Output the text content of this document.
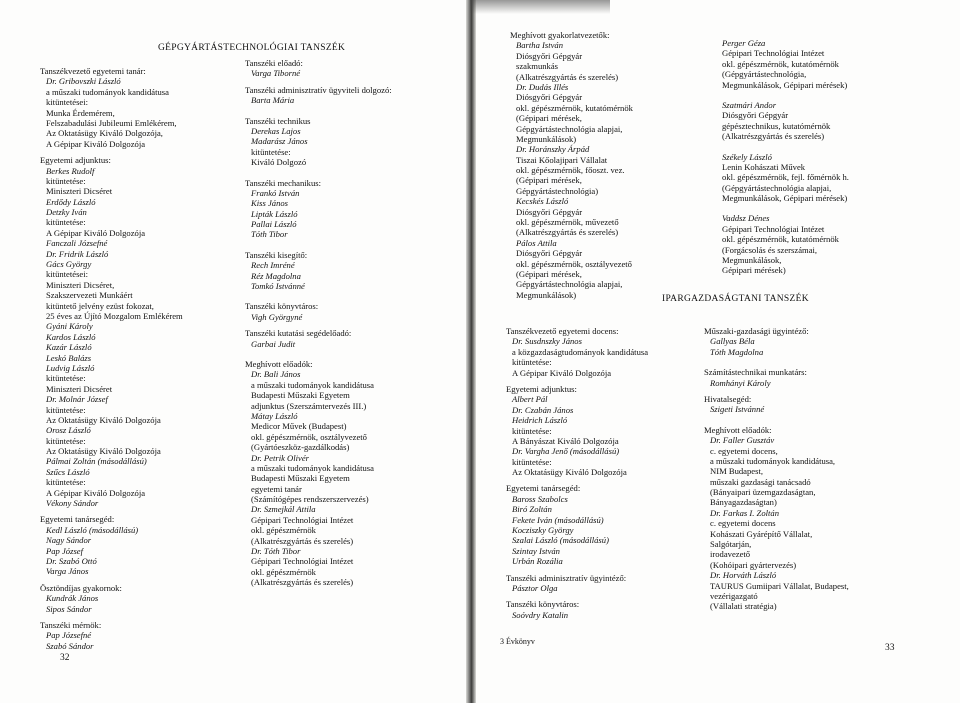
GÉPGYÁRTÁSTECHNOLÓGIAI TANSZÉK
Tanszékvezető egyetemi tanár:
Dr. Gribovszki László
a műszaki tudományok kandidátusa
kitüntetései:
Munka Érdemérem,
Felszabadulási Jubileumi Emlékérem,
Az Oktatásügy Kiváló Dolgozója,
A Gépipar Kiváló Dolgozója
Egyetemi adjunktus:
Berkes Rudolf
kitüntetése:
Miniszteri Dicséret
Erdődy László
Detzky Iván
kitüntetése:
A Gépipar Kiváló Dolgozója
Fanczali Józsefné
Dr. Fridrik László
Gács György
kitüntetései:
Miniszteri Dicséret,
Szakszervezeti Munkáért
kitüntető jelvény ezüst fokozat,
25 éves az Újító Mozgalom Emlékérem
Gyáni Károly
Kardos László
Kazár László
Leskó Balázs
Ludvig László
kitüntetése:
Miniszteri Dicséret
Dr. Molnár József
kitüntetése:
Az Oktatásügy Kiváló Dolgozója
Orosz László
kitüntetése:
Az Oktatásügy Kiváló Dolgozója
Pálmai Zoltán (másodállású)
Szűcs László
kitüntetése:
A Gépipar Kiváló Dolgozója
Vékony Sándor
Egyetemi tanársegéd:
Kedl László (másodállású)
Nagy Sándor
Pap József
Dr. Szabó Ottó
Varga János
Ösztöndíjas gyakornok:
Kundrák János
Sipos Sándor
Tanszéki mérnök:
Pap Józsefné
Szabó Sándor
Tanszéki előadó:
Varga Tiborné
Tanszéki adminisztratív ügyviteli dolgozó:
Barta Mária
Tanszéki technikus
Derekas Lajos
Madarász János
kitüntetése:
Kiváló Dolgozó
Tanszéki mechanikus:
Frankó István
Kiss János
Lipták László
Pallai László
Tóth Tibor
Tanszéki kisegítő:
Rech Imréné
Réz Magdolna
Tomkó Istvánné
Tanszéki könyvtáros:
Vigh Györgyné
Tanszéki kutatási segédelőadó:
Garbai Judit
Meghívott előadók:
Dr. Bali János
a műszaki tudományok kandidátusa
Budapesti Műszaki Egyetem
adjunktus (Szerszámtervezés III.)
Mátay László
Medicor Művek (Budapest)
okl. gépészmérnök, osztályvezető
(Gyártóeszköz-gazdálkodás)
Dr. Petrik Olivér
a műszaki tudományok kandidátusa
Budapesti Műszaki Egyetem
egyetemi tanár
(Számítógépes rendszerszervezés)
Dr. Szmejkál Attila
Gépipari Technológiai Intézet
okl. gépészmérnök
(Alkatrészgyártás és szerelés)
Dr. Tóth Tibor
Gépipari Technológiai Intézet
okl. gépészmérnök
(Alkatrészgyártás és szerelés)
32
Meghívott gyakorlatvezetők:
Bartha István
Diósgyőri Gépgyár
szakmunkás
(Alkatrészgyártás és szerelés)
Dr. Dudás Illés
Diósgyőri Gépgyár
okl. gépészmérnök, kutatómérnök
(Gépipari mérések,
Gépgyártástechnológia alapjai,
Megmunkálások)
Dr. Horánszky Árpád
Tiszai Kőolajipari Vállalat
okl. gépészmérnök, főoszt. vez.
(Gépipari mérések,
Gépgyártástechnológia)
Kecskés László
Diósgyőri Gépgyár
okl. gépészmérnök, művezető
(Alkatrészgyártás és szerelés)
Pálos Attila
Diósgyőri Gépgyár
okl. gépészmérnök, osztályvezető
(Gépipari mérések,
Gépgyártástechnológia alapjai,
Megmunkálások)
Perger Géza
Gépipari Technológiai Intézet
okl. gépészmérnök, kutatómérnök
(Gépgyártástechnológia,
Megmunkálások, Gépipari mérések)
Szatmári Andor
Diósgyőri Gépgyár
gépésztechnikus, kutatómérnök
(Alkatrészgyártás és szerelés)
Székely László
Lenin Kohászati Művek
okl. gépészmérnök, fejl. főmérnök h.
(Gépgyártástechnológia alapjai,
Megmunkálások, Gépipari mérések)
Vaddsz Dénes
Gépipari Technológiai Intézet
okl. gépészmérnök, kutatómérnök
(Forgácsolás és szerszámai,
Megmunkálások,
Gépipari mérések)
IPARGAZDASÁGTANI TANSZÉK
Tanszékvezető egyetemi docens:
Dr. Susdnszky János
a közgazdaságtudományok kandidátusa
kitüntetése:
A Gépipar Kiváló Dolgozója
Egyetemi adjunktus:
Albert Pál
Dr. Czabán János
Heidrich László
kitüntetése:
A Bányászat Kiváló Dolgozója
Dr. Vargha Jenő (másodállású)
kitüntetése:
Az Oktatásügy Kiváló Dolgozója
Egyetemi tanársegéd:
Baross Szabolcs
Biró Zoltán
Fekete Iván (másodállású)
Kocziszky György
Szalai László (másodállású)
Szintay István
Urbán Rozália
Tanszéki adminisztratív ügyintéző:
Pásztor Olga
Tanszéki könyvtáros:
Soóvdry Katalin
Műszaki-gazdasági ügyintéző:
Gallyas Béla
Tóth Magdolna
Számítástechnikai munkatárs:
Romhányi Károly
Hivatalsegéd:
Szigeti Istvánné
Meghívott előadók:
Dr. Faller Gusztáv
c. egyetemi docens,
a műszaki tudományok kandidátusa,
NIM Budapest,
műszaki gazdasági tanácsadó
(Bányaipari üzemgazdaságtan,
Bányagazdaságtan)
Dr. Farkas I. Zoltán
c. egyetemi docens
Kohászati Gyárépítő Vállalat,
Salgótarján,
irodavezető
(Kohóipari gyártervezés)
Dr. Horváth László
TAURUS Gumiipari Vállalat, Budapest,
vezérigazgató
(Vállalati stratégia)
3 Évkönyv
33
